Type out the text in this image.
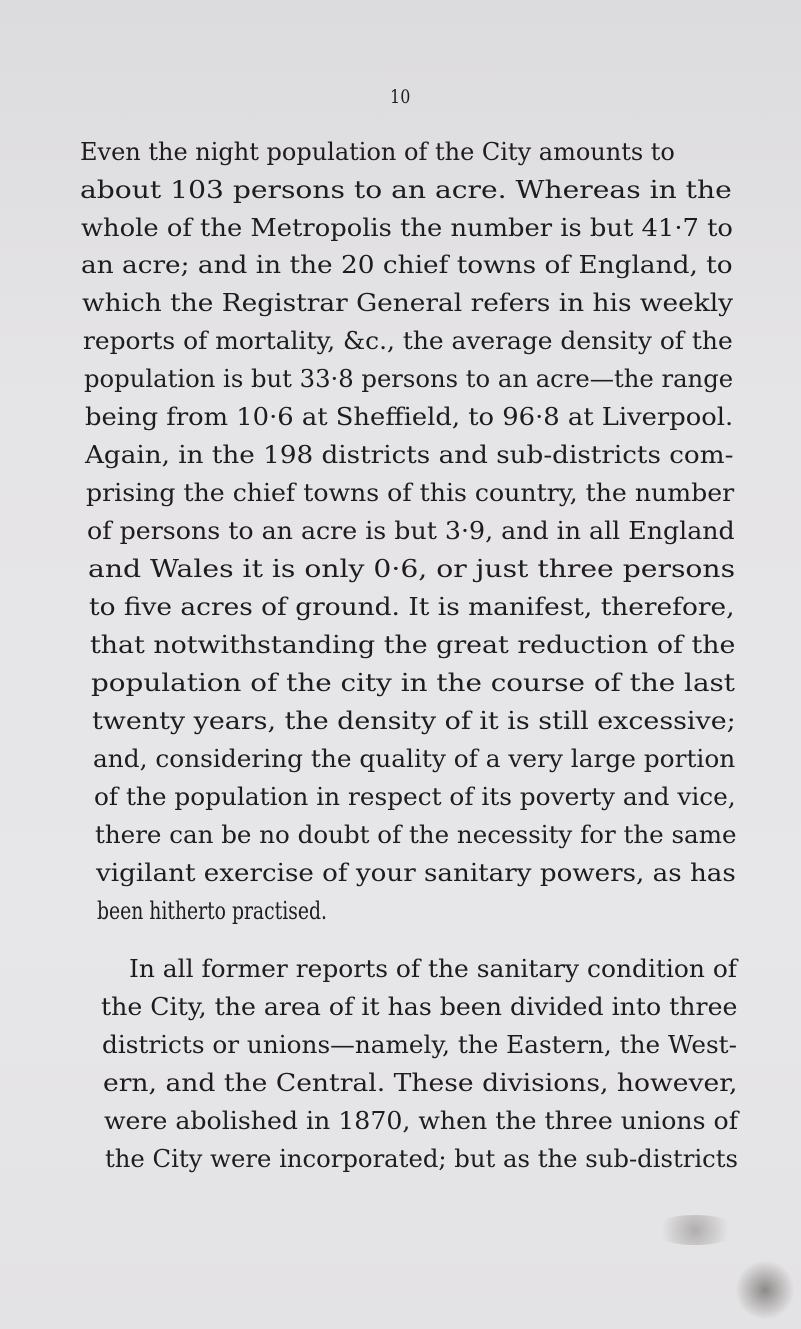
10
Even the night population of the City amounts to
about 103 persons to an acre. Whereas in the
whole of the Metropolis the number is but 41·7 to
an acre; and in the 20 chief towns of England, to
which the Registrar General refers in his weekly
reports of mortality, &c., the average density of the
population is but 33·8 persons to an acre—the range
being from 10·6 at Sheffield, to 96·8 at Liverpool.
Again, in the 198 districts and sub-districts com-
prising the chief towns of this country, the number
of persons to an acre is but 3·9, and in all England
and Wales it is only 0·6, or just three persons
to five acres of ground. It is manifest, therefore,
that notwithstanding the great reduction of the
population of the city in the course of the last
twenty years, the density of it is still excessive;
and, considering the quality of a very large portion
of the population in respect of its poverty and vice,
there can be no doubt of the necessity for the same
vigilant exercise of your sanitary powers, as has
been hitherto practised.
In all former reports of the sanitary condition of
the City, the area of it has been divided into three
districts or unions—namely, the Eastern, the West-
ern, and the Central. These divisions, however,
were abolished in 1870, when the three unions of
the City were incorporated; but as the sub-districts
